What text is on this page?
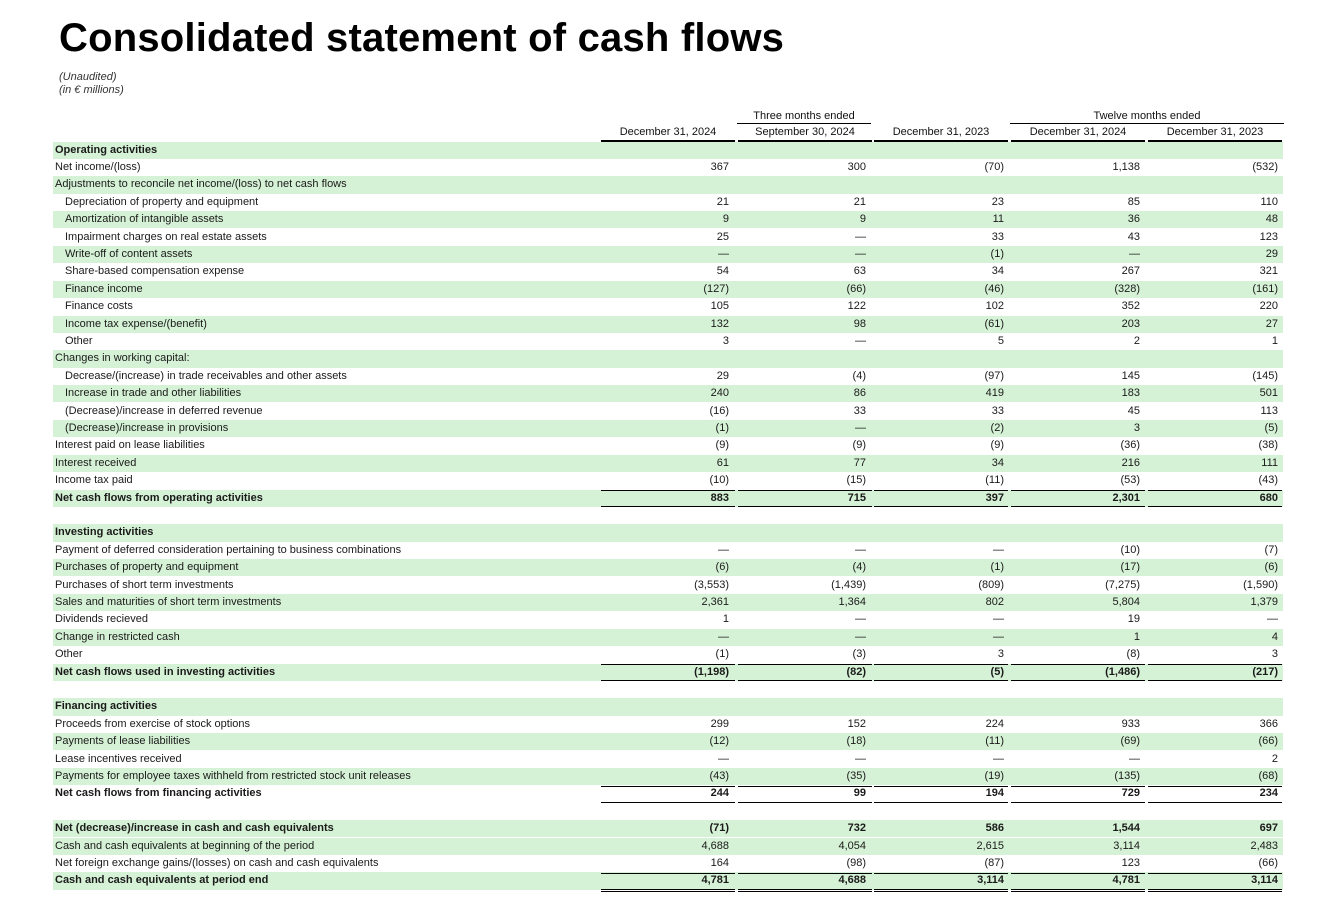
Consolidated statement of cash flows
(Unaudited)
(in € millions)
Three months ended	Twelve months ended
December 31, 2024	September 30, 2024	December 31, 2023	December 31, 2024	December 31, 2023
Operating activities
Net income/(loss)	367	300	(70)	1,138	(532)
Adjustments to reconcile net income/(loss) to net cash flows
Depreciation of property and equipment	21	21	23	85	110
Amortization of intangible assets	9	9	11	36	48
Impairment charges on real estate assets	25	—	33	43	123
Write-off of content assets	—	—	(1)	—	29
Share-based compensation expense	54	63	34	267	321
Finance income	(127)	(66)	(46)	(328)	(161)
Finance costs	105	122	102	352	220
Income tax expense/(benefit)	132	98	(61)	203	27
Other	3	—	5	2	1
Changes in working capital:
Decrease/(increase) in trade receivables and other assets	29	(4)	(97)	145	(145)
Increase in trade and other liabilities	240	86	419	183	501
(Decrease)/increase in deferred revenue	(16)	33	33	45	113
(Decrease)/increase in provisions	(1)	—	(2)	3	(5)
Interest paid on lease liabilities	(9)	(9)	(9)	(36)	(38)
Interest received	61	77	34	216	111
Income tax paid	(10)	(15)	(11)	(53)	(43)
Net cash flows from operating activities	883	715	397	2,301	680
Investing activities
Payment of deferred consideration pertaining to business combinations	—	—	—	(10)	(7)
Purchases of property and equipment	(6)	(4)	(1)	(17)	(6)
Purchases of short term investments	(3,553)	(1,439)	(809)	(7,275)	(1,590)
Sales and maturities of short term investments	2,361	1,364	802	5,804	1,379
Dividends recieved	1	—	—	19	—
Change in restricted cash	—	—	—	1	4
Other	(1)	(3)	3	(8)	3
Net cash flows used in investing activities	(1,198)	(82)	(5)	(1,486)	(217)
Financing activities
Proceeds from exercise of stock options	299	152	224	933	366
Payments of lease liabilities	(12)	(18)	(11)	(69)	(66)
Lease incentives received	—	—	—	—	2
Payments for employee taxes withheld from restricted stock unit releases	(43)	(35)	(19)	(135)	(68)
Net cash flows from financing activities	244	99	194	729	234
Net (decrease)/increase in cash and cash equivalents	(71)	732	586	1,544	697
Cash and cash equivalents at beginning of the period	4,688	4,054	2,615	3,114	2,483
Net foreign exchange gains/(losses) on cash and cash equivalents	164	(98)	(87)	123	(66)
Cash and cash equivalents at period end	4,781	4,688	3,114	4,781	3,114
